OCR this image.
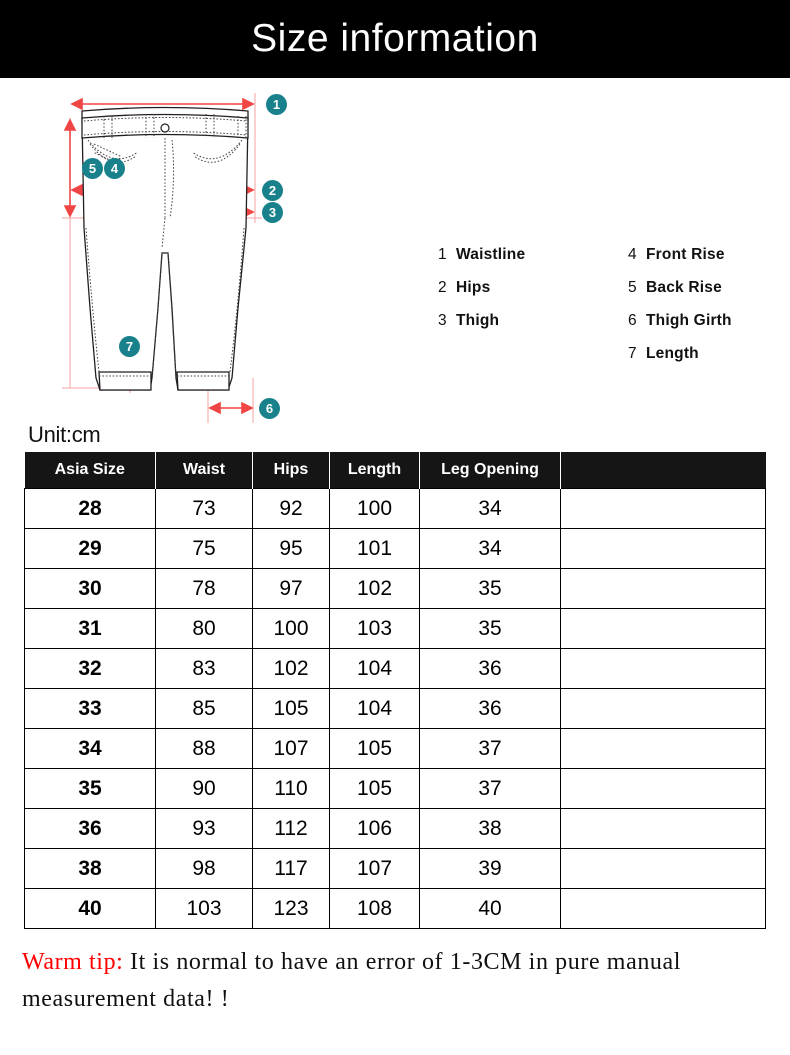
Size information
1
2
3
4
5
6
7
1 Waistline
2 Hips
3 Thigh
4 Front Rise
5 Back Rise
6 Thigh Girth
7 Length
Unit:cm
Asia Size	Waist	Hips	Length	Leg Opening	
28	73	92	100	34	
29	75	95	101	34	
30	78	97	102	35	
31	80	100	103	35	
32	83	102	104	36	
33	85	105	104	36	
34	88	107	105	37	
35	90	110	105	37	
36	93	112	106	38	
38	98	117	107	39	
40	103	123	108	40	
Warm tip: It is normal to have an error of 1-3CM in pure manual measurement data! !
